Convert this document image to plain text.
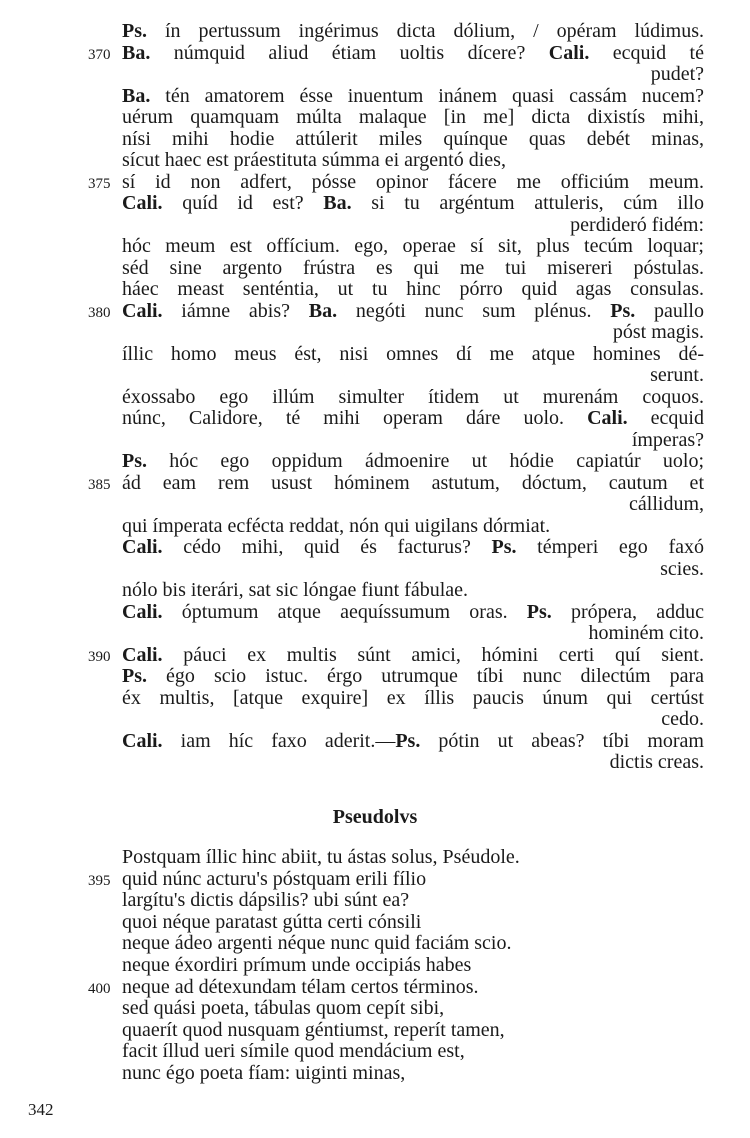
Ps. ín pertussum ingérimus dicta dólium, / opéram lúdimus.
370 Ba. númquid aliud étiam uoltis dícere? Cali. ecquid té
pudet?
Ba. tén amatorem ésse inuentum inánem quasi cassám nucem?
uérum quamquam múlta malaque [in me] dicta dixistís mihi,
nísi mihi hodie attúlerit miles quínque quas debét minas,
sícut haec est práestituta súmma ei argentó dies,
375 sí id non adfert, pósse opinor fácere me officiúm meum.
Cali. quíd id est? Ba. si tu argéntum attuleris, cúm illo
perdideró fidém:
hóc meum est offícium. ego, operae sí sit, plus tecúm loquar;
séd sine argento frústra es qui me tui misereri póstulas.
háec meast senténtia, ut tu hinc pórro quid agas consulas.
380 Cali. iámne abis? Ba. negóti nunc sum plénus. Ps. paullo
póst magis.
íllic homo meus ést, nisi omnes dí me atque homines dé-
serunt.
éxossabo ego illúm simulter ítidem ut murenám coquos.
núnc, Calidore, té mihi operam dáre uolo. Cali. ecquid
ímperas?
Ps. hóc ego oppidum ádmoenire ut hódie capiatúr uolo;
385 ád eam rem usust hóminem astutum, dóctum, cautum et
cállidum,
qui ímperata ecfécta reddat, nón qui uigilans dórmiat.
Cali. cédo mihi, quid és facturus? Ps. témperi ego faxó
scies.
nólo bis iterári, sat sic lóngae fiunt fábulae.
Cali. óptumum atque aequíssumum oras. Ps. própera, adduc
hominém cito.
390 Cali. páuci ex multis súnt amici, hómini certi quí sient.
Ps. égo scio istuc. érgo utrumque tíbi nunc dilectúm para
éx multis, [atque exquire] ex íllis paucis únum qui certúst
cedo.
Cali. iam híc faxo aderit.—Ps. pótin ut abeas? tíbi moram
dictis creas.
Pseudolvs
Postquam íllic hinc abiit, tu ástas solus, Pséudole.
395 quid núnc acturu's póstquam erili fílio
largítu's dictis dápsilis? ubi súnt ea?
quoi néque paratast gútta certi cónsili
neque ádeo argenti néque nunc quid faciám scio.
neque éxordiri prímum unde occipiás habes
400 neque ad détexundam télam certos términos.
sed quási poeta, tábulas quom cepít sibi,
quaerít quod nusquam géntiumst, reperít tamen,
facit íllud ueri símile quod mendácium est,
nunc égo poeta fíam: uiginti minas,
342
